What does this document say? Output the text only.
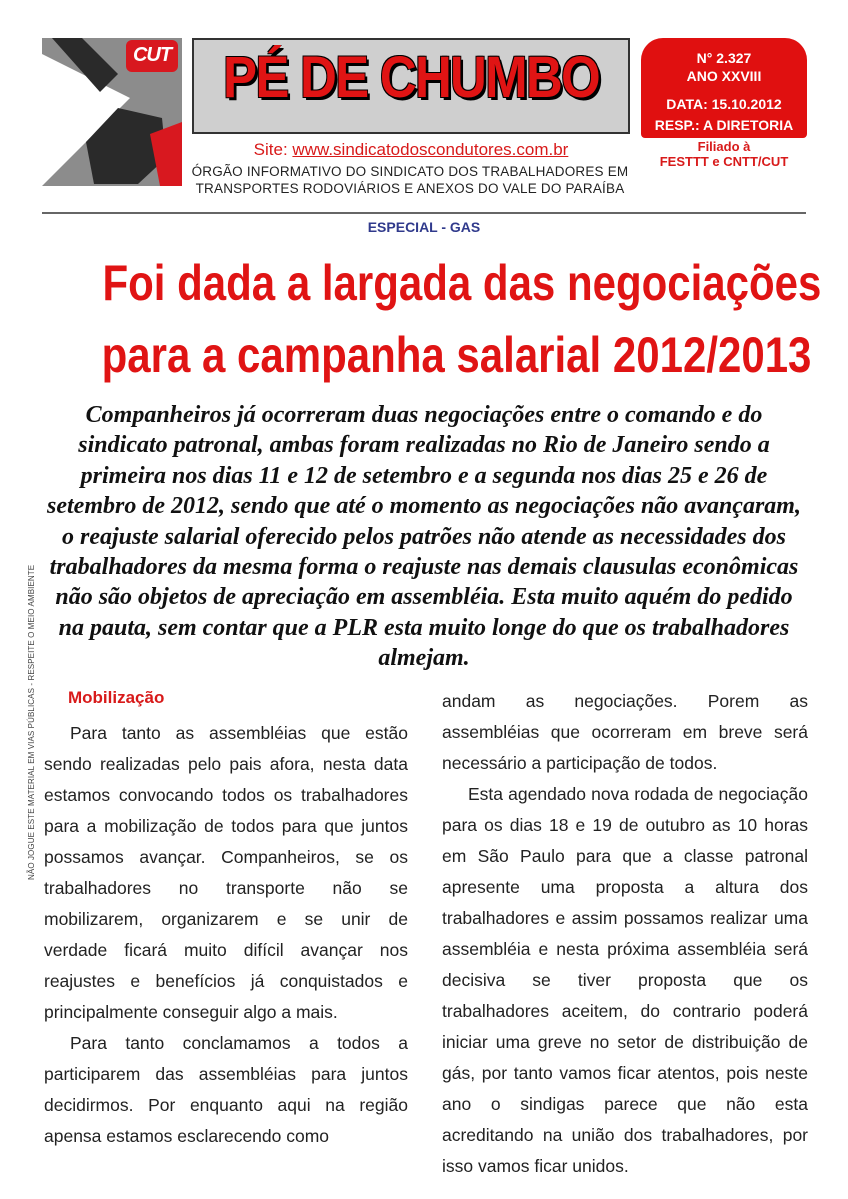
CUT PÉ DE CHUMBO
Site: www.sindicatodoscondutores.com.br
ÓRGÃO INFORMATIVO DO SINDICATO DOS TRABALHADORES EM
TRANSPORTES RODOVIÁRIOS E ANEXOS DO VALE DO PARAÍBA
N° 2.327
ANO XXVIII
DATA: 15.10.2012
RESP.: A DIRETORIA
Filiado à
FESTTT e CNTT/CUT
ESPECIAL - GAS
Foi dada a largada das negociações
para a campanha salarial 2012/2013
Companheiros já ocorreram duas negociações entre o comando e do sindicato patronal, ambas foram realizadas no Rio de Janeiro sendo a primeira nos dias 11 e 12 de setembro e a segunda nos dias 25 e 26 de setembro de 2012, sendo que até o momento as negociações não avançaram, o reajuste salarial oferecido pelos patrões não atende as necessidades dos trabalhadores da mesma forma o reajuste nas demais clausulas econômicas não são objetos de apreciação em assembléia. Esta muito aquém do pedido na pauta, sem contar que a PLR esta muito longe do que os trabalhadores almejam.
NÃO JOGUE ESTE MATERIAL EM VIAS PÚBLICAS - RESPEITE O MEIO AMBIENTE Mobilização

Para tanto as assembléias que estão sendo realizadas pelo pais afora, nesta data estamos convocando todos os trabalhadores para a mobilização de todos para que juntos possamos avançar. Companheiros, se os trabalhadores no transporte não se mobilizarem, organizarem e se unir de verdade ficará muito difícil avançar nos reajustes e benefícios já conquistados e principalmente conseguir algo a mais.

Para tanto conclamamos a todos a participarem das assembléias para juntos decidirmos. Por enquanto aqui na região apensa estamos esclarecendo como

andam as negociações. Porem as assembléias que ocorreram em breve será necessário a participação de todos.

Esta agendado nova rodada de negociação para os dias 18 e 19 de outubro as 10 horas em São Paulo para que a classe patronal apresente uma proposta a altura dos trabalhadores e assim possamos realizar uma assembléia e nesta próxima assembléia será decisiva se tiver proposta que os trabalhadores aceitem, do contrario poderá iniciar uma greve no setor de distribuição de gás, por tanto vamos ficar atentos, pois neste ano o sindigas parece que não esta acreditando na união dos trabalhadores, por isso vamos ficar unidos.
